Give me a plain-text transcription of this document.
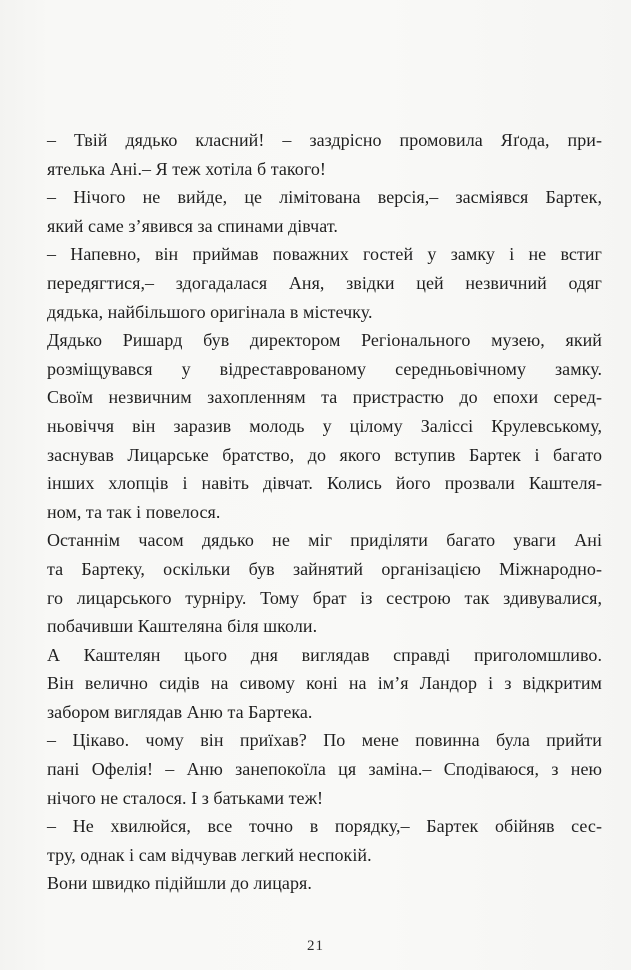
– Твій дядько класний! – заздрісно промовила Яґода, при-
ятелька Ані.– Я теж хотіла б такого!

– Нічого не вийде, це лімітована версія,– засміявся Бартек,
який саме з’явився за спинами дівчат.

– Напевно, він приймав поважних гостей у замку і не встиг
передягтися,– здогадалася Аня, звідки цей незвичний одяг
дядька, найбільшого оригінала в містечку.

Дядько Ришард був директором Регіонального музею, який
розміщувався у відреставрованому середньовічному замку.
Своїм незвичним захопленням та пристрастю до епохи серед-
ньовіччя він заразив молодь у цілому Заліссі Крулевському,
заснував Лицарське братство, до якого вступив Бартек і багато
інших хлопців і навіть дівчат. Колись його прозвали Каштеля-
ном, та так і повелося.

Останнім часом дядько не міг приділяти багато уваги Ані
та Бартеку, оскільки був зайнятий організацією Міжнародно-
го лицарського турніру. Тому брат із сестрою так здивувалися,
побачивши Каштеляна біля школи.

А Каштелян цього дня виглядав справді приголомшливо.
Він велично сидів на сивому коні на ім’я Ландор і з відкритим
забором виглядав Аню та Бартека.

– Цікаво. чому він приїхав? По мене повинна була прийти
пані Офелія! – Аню занепокоїла ця заміна.– Сподіваюся, з нею
нічого не сталося. І з батьками теж!

– Не хвилюйся, все точно в порядку,– Бартек обійняв сес-
тру, однак і сам відчував легкий неспокій.

Вони швидко підійшли до лицаря.

21
